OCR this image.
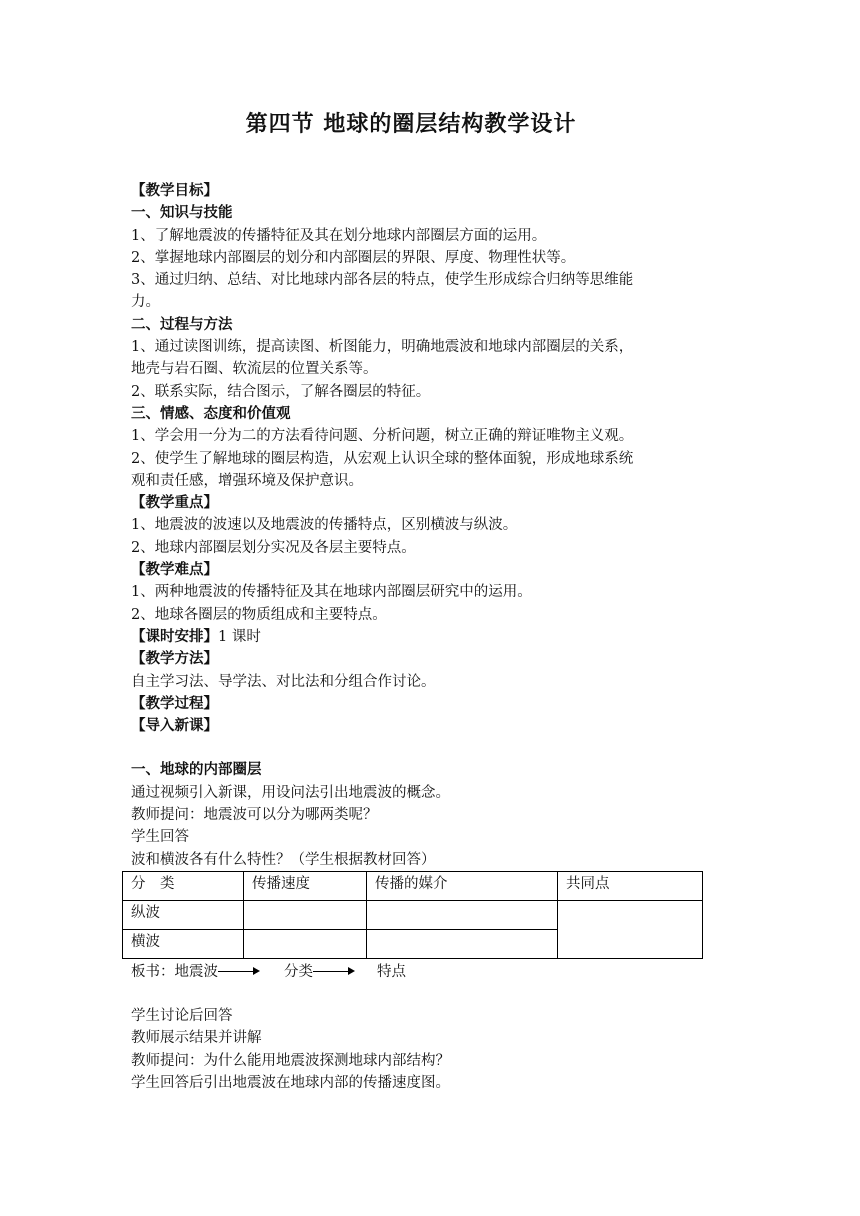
第四节 地球的圈层结构教学设计
【教学目标】
一、知识与技能
1、了解地震波的传播特征及其在划分地球内部圈层方面的运用。
2、掌握地球内部圈层的划分和内部圈层的界限、厚度、物理性状等。
3、通过归纳、总结、对比地球内部各层的特点，使学生形成综合归纳等思维能
力。
二、过程与方法
1、通过读图训练，提高读图、析图能力，明确地震波和地球内部圈层的关系，
地壳与岩石圈、软流层的位置关系等。
2、联系实际，结合图示，了解各圈层的特征。
三、情感、态度和价值观
1、学会用一分为二的方法看待问题、分析问题，树立正确的辩证唯物主义观。
2、使学生了解地球的圈层构造，从宏观上认识全球的整体面貌，形成地球系统
观和责任感，增强环境及保护意识。
【教学重点】
1、地震波的波速以及地震波的传播特点，区别横波与纵波。
2、地球内部圈层划分实况及各层主要特点。
【教学难点】
1、两种地震波的传播特征及其在地球内部圈层研究中的运用。
2、地球各圈层的物质组成和主要特点。
【课时安排】1 课时
【教学方法】
自主学习法、导学法、对比法和分组合作讨论。
【教学过程】
【导入新课】
一、地球的内部圈层
通过视频引入新课，用设问法引出地震波的概念。
教师提问：地震波可以分为哪两类呢？
学生回答
波和横波各有什么特性？（学生根据教材回答）
分　类	传播速度	传播的媒介	共同点
纵波			
横波			
板书：地震波	分类	特点
学生讨论后回答
教师展示结果并讲解
教师提问：为什么能用地震波探测地球内部结构？
学生回答后引出地震波在地球内部的传播速度图。
